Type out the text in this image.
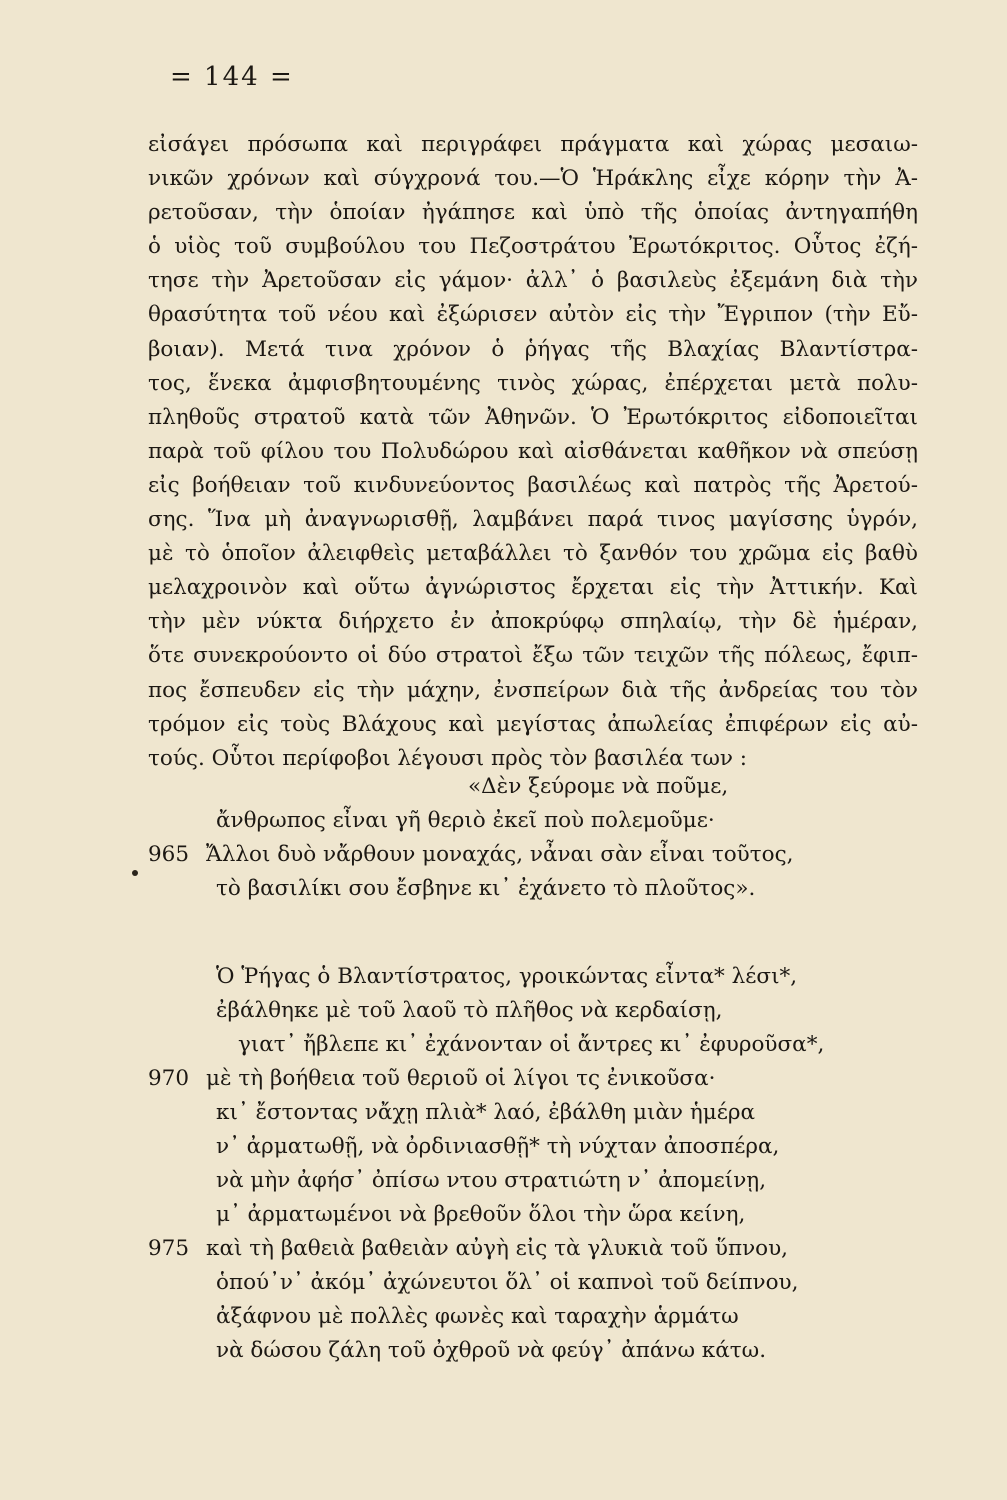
= 144 =
εἰσάγει πρόσωπα καὶ περιγράφει πράγματα καὶ χώρας μεσαιω-
νικῶν χρόνων καὶ σύγχρονά του.—Ὁ Ἡράκλης εἶχε κόρην τὴν Ἀ-
ρετοῦσαν, τὴν ὁποίαν ἠγάπησε καὶ ὑπὸ τῆς ὁποίας ἀντηγαπήθη
ὁ υἱὸς τοῦ συμβούλου του Πεζοστράτου Ἐρωτόκριτος. Οὗτος ἐζή-
τησε τὴν Ἀρετοῦσαν εἰς γάμον· ἀλλ᾽ ὁ βασιλεὺς ἐξεμάνη διὰ τὴν
θρασύτητα τοῦ νέου καὶ ἐξώρισεν αὐτὸν εἰς τὴν Ἔγριπον (τὴν Εὔ-
βοιαν). Μετά τινα χρόνον ὁ ῥήγας τῆς Βλαχίας Βλαντίστρα-
τος, ἕνεκα ἀμφισβητουμένης τινὸς χώρας, ἐπέρχεται μετὰ πολυ-
πληθοῦς στρατοῦ κατὰ τῶν Ἀθηνῶν. Ὁ Ἐρωτόκριτος εἰδοποιεῖται
παρὰ τοῦ φίλου του Πολυδώρου καὶ αἰσθάνεται καθῆκον νὰ σπεύσῃ
εἰς βοήθειαν τοῦ κινδυνεύοντος βασιλέως καὶ πατρὸς τῆς Ἀρετού-
σης. Ἵνα μὴ ἀναγνωρισθῇ, λαμβάνει παρά τινος μαγίσσης ὑγρόν,
μὲ τὸ ὁποῖον ἀλειφθεὶς μεταβάλλει τὸ ξανθόν του χρῶμα εἰς βαθὺ
μελαχροινὸν καὶ οὕτω ἀγνώριστος ἔρχεται εἰς τὴν Ἀττικήν. Καὶ
τὴν μὲν νύκτα διήρχετο ἐν ἀποκρύφῳ σπηλαίῳ, τὴν δὲ ἡμέραν,
ὅτε συνεκρούοντο οἱ δύο στρατοὶ ἔξω τῶν τειχῶν τῆς πόλεως, ἔφιπ-
πος ἔσπευδεν εἰς τὴν μάχην, ἐνσπείρων διὰ τῆς ἀνδρείας του τὸν
τρόμον εἰς τοὺς Βλάχους καὶ μεγίστας ἀπωλείας ἐπιφέρων εἰς αὐ-
τούς. Οὗτοι περίφοβοι λέγουσι πρὸς τὸν βασιλέα των :
«Δὲν ξεύρομε νὰ ποῦμε,
ἄνθρωπος εἶναι γῆ θεριὸ ἐκεῖ ποὺ πολεμοῦμε·
965 Ἄλλοι δυὸ νἄρθουν μοναχάς, νἆναι σὰν εἶναι τοῦτος,
τὸ βασιλίκι σου ἔσβηνε κι᾽ ἐχάνετο τὸ πλοῦτος».
Ὁ Ῥήγας ὁ Βλαντίστρατος, γροικώντας εἶντα* λέσι*,
ἐβάλθηκε μὲ τοῦ λαοῦ τὸ πλῆθος νὰ κερδαίσῃ,
γιατ᾽ ἤβλεπε κι᾽ ἐχάνονταν οἱ ἄντρες κι᾽ ἐφυροῦσα*,
970 μὲ τὴ βοήθεια τοῦ θεριοῦ οἱ λίγοι τς ἐνικοῦσα·
κι᾽ ἔστοντας νἄχῃ πλιὰ* λαό, ἐβάλθη μιὰν ἡμέρα
ν᾽ ἀρματωθῇ, νὰ ὀρδινιασθῇ* τὴ νύχταν ἀποσπέρα,
νὰ μὴν ἀφήσ᾽ ὀπίσω ντου στρατιώτη ν᾽ ἀπομείνῃ,
μ᾽ ἀρματωμένοι νὰ βρεθοῦν ὅλοι τὴν ὥρα κείνη,
975 καὶ τὴ βαθειὰ βαθειὰν αὐγὴ εἰς τὰ γλυκιὰ τοῦ ὕπνου,
ὁπού᾽ν᾽ ἀκόμ᾽ ἀχώνευτοι ὅλ᾽ οἱ καπνοὶ τοῦ δείπνου,
ἀξάφνου μὲ πολλὲς φωνὲς καὶ ταραχὴν ἁρμάτω
νὰ δώσου ζάλη τοῦ ὀχθροῦ νὰ φεύγ᾽ ἀπάνω κάτω.
